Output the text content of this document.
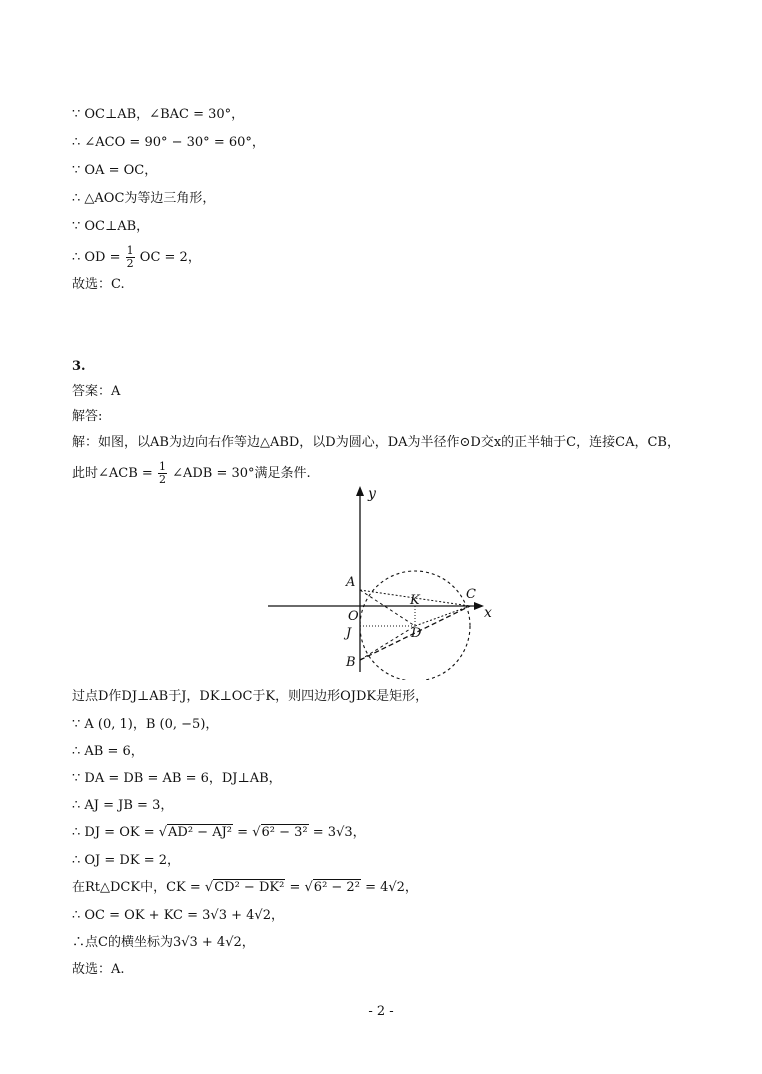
∵ OC⊥AB，∠BAC = 30°，
∴ ∠ACO = 90° − 30° = 60°，
∵ OA = OC，
∴ △AOC为等边三角形，
∵ OC⊥AB，
∴ OD = $\frac{1}{2}$ OC = 2，
故选：C.
3.
答案：A
解答:
解：如图，以AB为边向右作等边△ABD，以D为圆心，DA为半径作⊙D交x的正半轴于C，连接CA，CB，
此时∠ACB = $\frac{1}{2}$ ∠ADB = 30°满足条件.
y
x
A
O
J
B
K
D
C
过点D作DJ⊥AB于J，DK⊥OC于K，则四边形OJDK是矩形，
∵ A (0, 1)，B (0, −5)，
∴ AB = 6，
∵ DA = DB = AB = 6，DJ⊥AB，
∴ AJ = JB = 3，
∴ DJ = OK = √AD² − AJ² = √6² − 3² = 3√3，
∴ OJ = DK = 2，
在Rt△DCK中，CK = √CD² − DK² = √6² − 2² = 4√2，
∴ OC = OK + KC = 3√3 + 4√2，
∴点C的横坐标为3√3 + 4√2，
故选：A.
- 2 -
